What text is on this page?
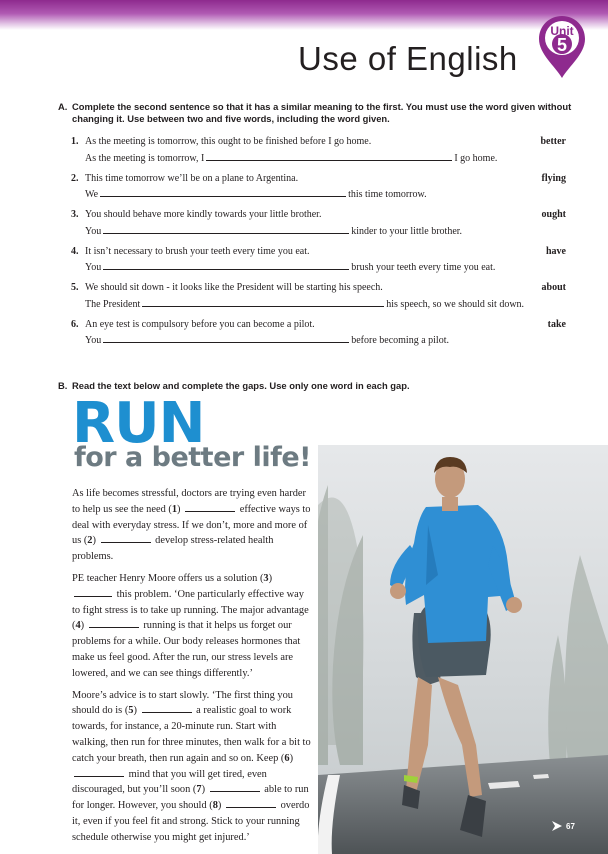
Use of English
Unit
5
A. Complete the second sentence so that it has a similar meaning to the first. You must use the word given without
changing it. Use between two and five words, including the word given.
1. As the meeting is tomorrow, this ought to be finished before I go home.	better
As the meeting is tomorrow, I	I go home.
2. This time tomorrow we’ll be on a plane to Argentina.	flying
We	this time tomorrow.
3. You should behave more kindly towards your little brother.	ought
You	kinder to your little brother.
4. It isn’t necessary to brush your teeth every time you eat.	have
You	brush your teeth every time you eat.
5. We should sit down - it looks like the President will be starting his speech.	about
The President	his speech, so we should sit down.
6. An eye test is compulsory before you can become a pilot.	take
You	before becoming a pilot.
B. Read the text below and complete the gaps. Use only one word in each gap.
RUN
for a better life!

As life becomes stressful, doctors are trying even harder to help us see the need (1)	effective ways to deal with everyday stress. If we don’t, more and more of us (2)	develop stress-related health problems.

PE teacher Henry Moore offers us a solution (3)  this problem. ‘One particularly effective way to fight stress is to take up running. The major advantage (4)	running is that it helps us forget our problems for a while. Our body releases hormones that make us feel good. After the run, our stress levels are lowered, and we can see things differently.’

Moore’s advice is to start slowly. ‘The first thing you should do is (5)	a realistic goal to work towards, for instance, a 20-minute run. Start with walking, then run for three minutes, then walk for a bit to catch your breath, then run again and so on. Keep (6)  mind that you will get tired, even discouraged, but you’ll soon (7)	able to run for longer. However, you should (8)	overdo it, even if you feel fit and strong. Stick to your running schedule otherwise you might get injured.’

67
